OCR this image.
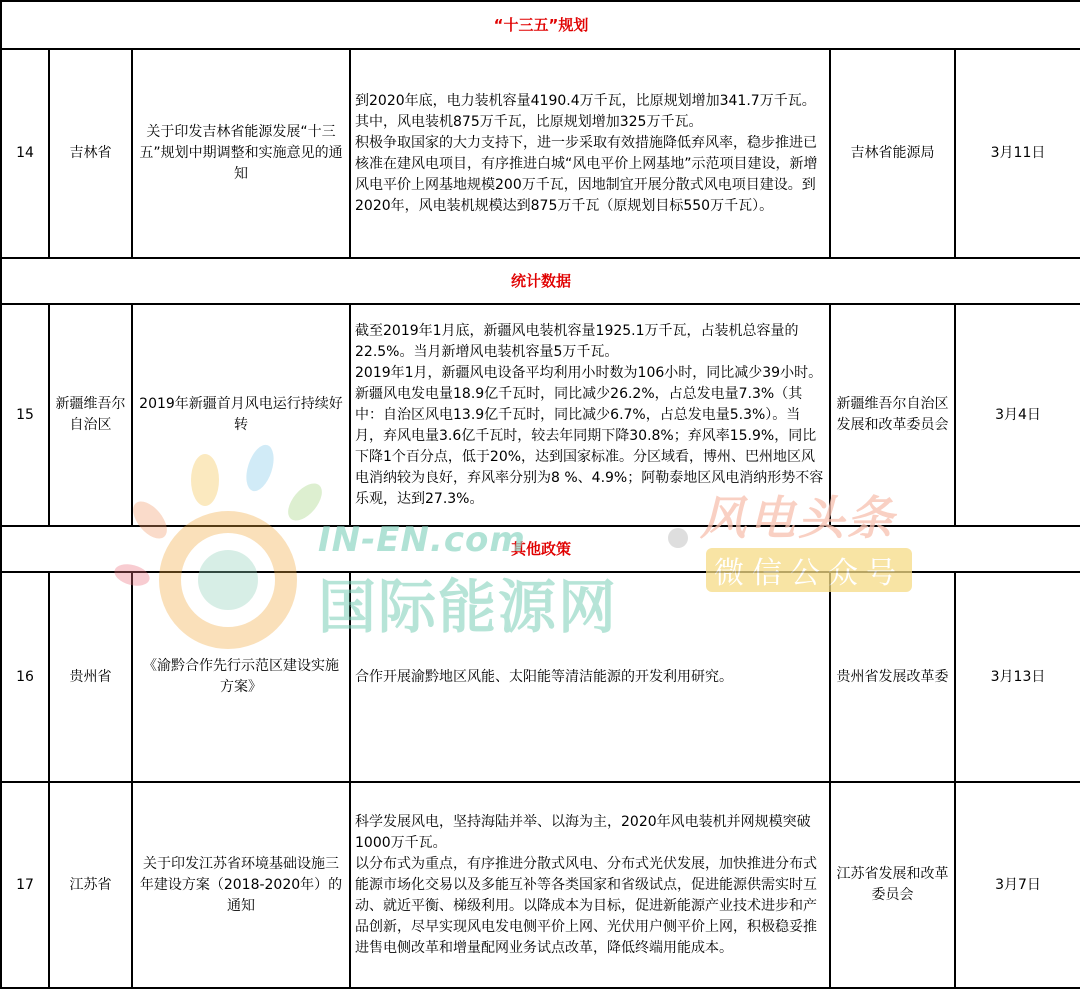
“十三五”规划					
14	吉林省	关于印发吉林省能源发展“十三五”规划中期调整和实施意见的通知	到2020年底，电力装机容量4190.4万千瓦，比原规划增加341.7万千瓦。其中，风电装机875万千瓦，比原规划增加325万千瓦。
积极争取国家的大力支持下，进一步采取有效措施降低弃风率，稳步推进已核准在建风电项目，有序推进白城“风电平价上网基地”示范项目建设，新增风电平价上网基地规模200万千瓦，因地制宜开展分散式风电项目建设。到2020年，风电装机规模达到875万千瓦（原规划目标550万千瓦）。	吉林省能源局	3月11日
统计数据					
15	新疆维吾尔自治区	2019年新疆首月风电运行持续好转	截至2019年1月底，新疆风电装机容量1925.1万千瓦，占装机总容量的22.5%。当月新增风电装机容量5万千瓦。
2019年1月，新疆风电设备平均利用小时数为106小时，同比减少39小时。新疆风电发电量18.9亿千瓦时，同比减少26.2%，占总发电量7.3%（其中：自治区风电13.9亿千瓦时，同比减少6.7%，占总发电量5.3%）。当月，弃风电量3.6亿千瓦时，较去年同期下降30.8%；弃风率15.9%，同比下降1个百分点，低于20%，达到国家标准。分区域看，博州、巴州地区风电消纳较为良好，弃风率分别为8 %、4.9%；阿勒泰地区风电消纳形势不容乐观，达到27.3%。	新疆维吾尔自治区发展和改革委员会	3月4日
其他政策					
16	贵州省	《渝黔合作先行示范区建设实施方案》	合作开展渝黔地区风能、太阳能等清洁能源的开发利用研究。	贵州省发展改革委	3月13日
17	江苏省	关于印发江苏省环境基础设施三年建设方案（2018-2020年）的通知	科学发展风电，坚持海陆并举、以海为主，2020年风电装机并网规模突破1000万千瓦。
以分布式为重点，有序推进分散式风电、分布式光伏发展，加快推进分布式能源市场化交易以及多能互补等各类国家和省级试点，促进能源供需实时互动、就近平衡、梯级利用。以降成本为目标，促进新能源产业技术进步和产品创新，尽早实现风电发电侧平价上网、光伏用户侧平价上网，积极稳妥推进售电侧改革和增量配网业务试点改革，降低终端用能成本。	江苏省发展和改革委员会	3月7日
IN-EN.com
国际能源网
风电头条
微信公众号
